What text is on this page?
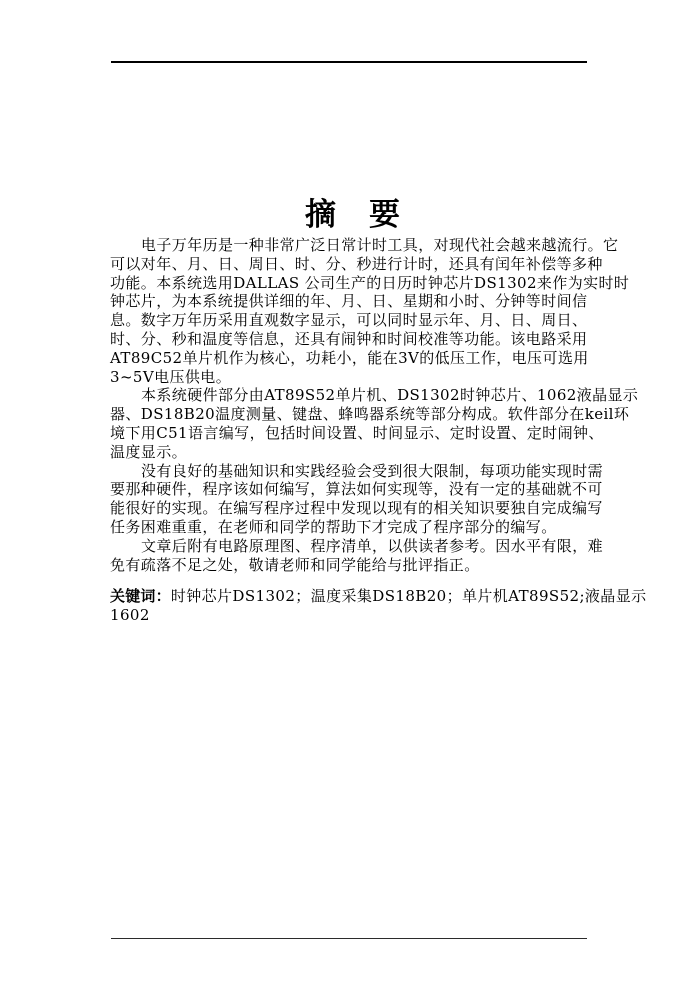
摘　要
电子万年历是一种非常广泛日常计时工具，对现代社会越来越流行。它
可以对年、月、日、周日、时、分、秒进行计时，还具有闰年补偿等多种
功能。本系统选用DALLAS 公司生产的日历时钟芯片DS1302来作为实时时
钟芯片，为本系统提供详细的年、月、日、星期和小时、分钟等时间信
息。数字万年历采用直观数字显示，可以同时显示年、月、日、周日、
时、分、秒和温度等信息，还具有闹钟和时间校准等功能。该电路采用
AT89C52单片机作为核心，功耗小，能在3V的低压工作，电压可选用
3~5V电压供电。
本系统硬件部分由AT89S52单片机、DS1302时钟芯片、1062液晶显示
器、DS18B20温度测量、键盘、蜂鸣器系统等部分构成。软件部分在keil环
境下用C51语言编写，包括时间设置、时间显示、定时设置、定时闹钟、
温度显示。
没有良好的基础知识和实践经验会受到很大限制，每项功能实现时需
要那种硬件，程序该如何编写，算法如何实现等，没有一定的基础就不可
能很好的实现。在编写程序过程中发现以现有的相关知识要独自完成编写
任务困难重重，在老师和同学的帮助下才完成了程序部分的编写。
文章后附有电路原理图、程序清单，以供读者参考。因水平有限，难
免有疏落不足之处，敬请老师和同学能给与批评指正。
关键词：时钟芯片DS1302；温度采集DS18B20；单片机AT89S52;液晶显示
1602
